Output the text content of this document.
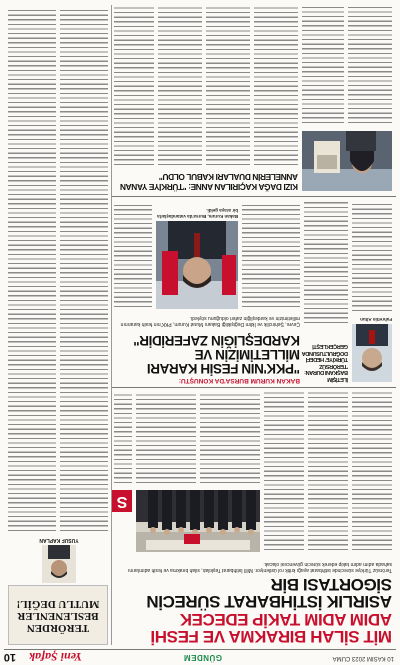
10 KASIM 2023 CUMA
GÜNDEM
Yeni Şafak
10
MİT SİLAH BIRAKMA VE FESHİ ADIM ADIM TAKİP EDECEK
ASIRLIK İSTİHBARAT SÜRECİN SİGORTASI BİR
Terörsüz Türkiye sürecinde istihbarat ayağı kritik rol üstleniyor. Millî İstihbarat Teşkilatı, silah bırakma ve fesih adımlarını sahada adım adım takip ederek sürecin güvencesi olacak.
S
BAKAN KURUM BURSA'DA KONUŞTU:
"PKK'NIN FESİH KARARI MİLLETİMİZİN VE KARDEŞLİĞİN ZAFERİDİR"
Çevre, Şehircilik ve İklim Değişikliği Bakanı Murat Kurum, PKK'nın fesih kararının milletimizin ve kardeşliğin zaferi olduğunu söyledi.	Fahrettin Altun
İLETİŞİM BAŞKANI DURAN: 'TERÖRSÜZ TÜRKİYE' HEDEFİ DOĞRULTUSUNDA GERÇEKLEŞTİ
Bakan Kurum, Bursa'da vatandaşlarla bir araya geldi.
KIZI DAĞA KAÇIRILAN ANNE: "TÜRKİYE YANAN ANNELERİN DUALARI KABUL OLDU"
TERÖRDEN
BESLENENLER
MUTLU DEĞİL!
YUSUF KAPLAN
